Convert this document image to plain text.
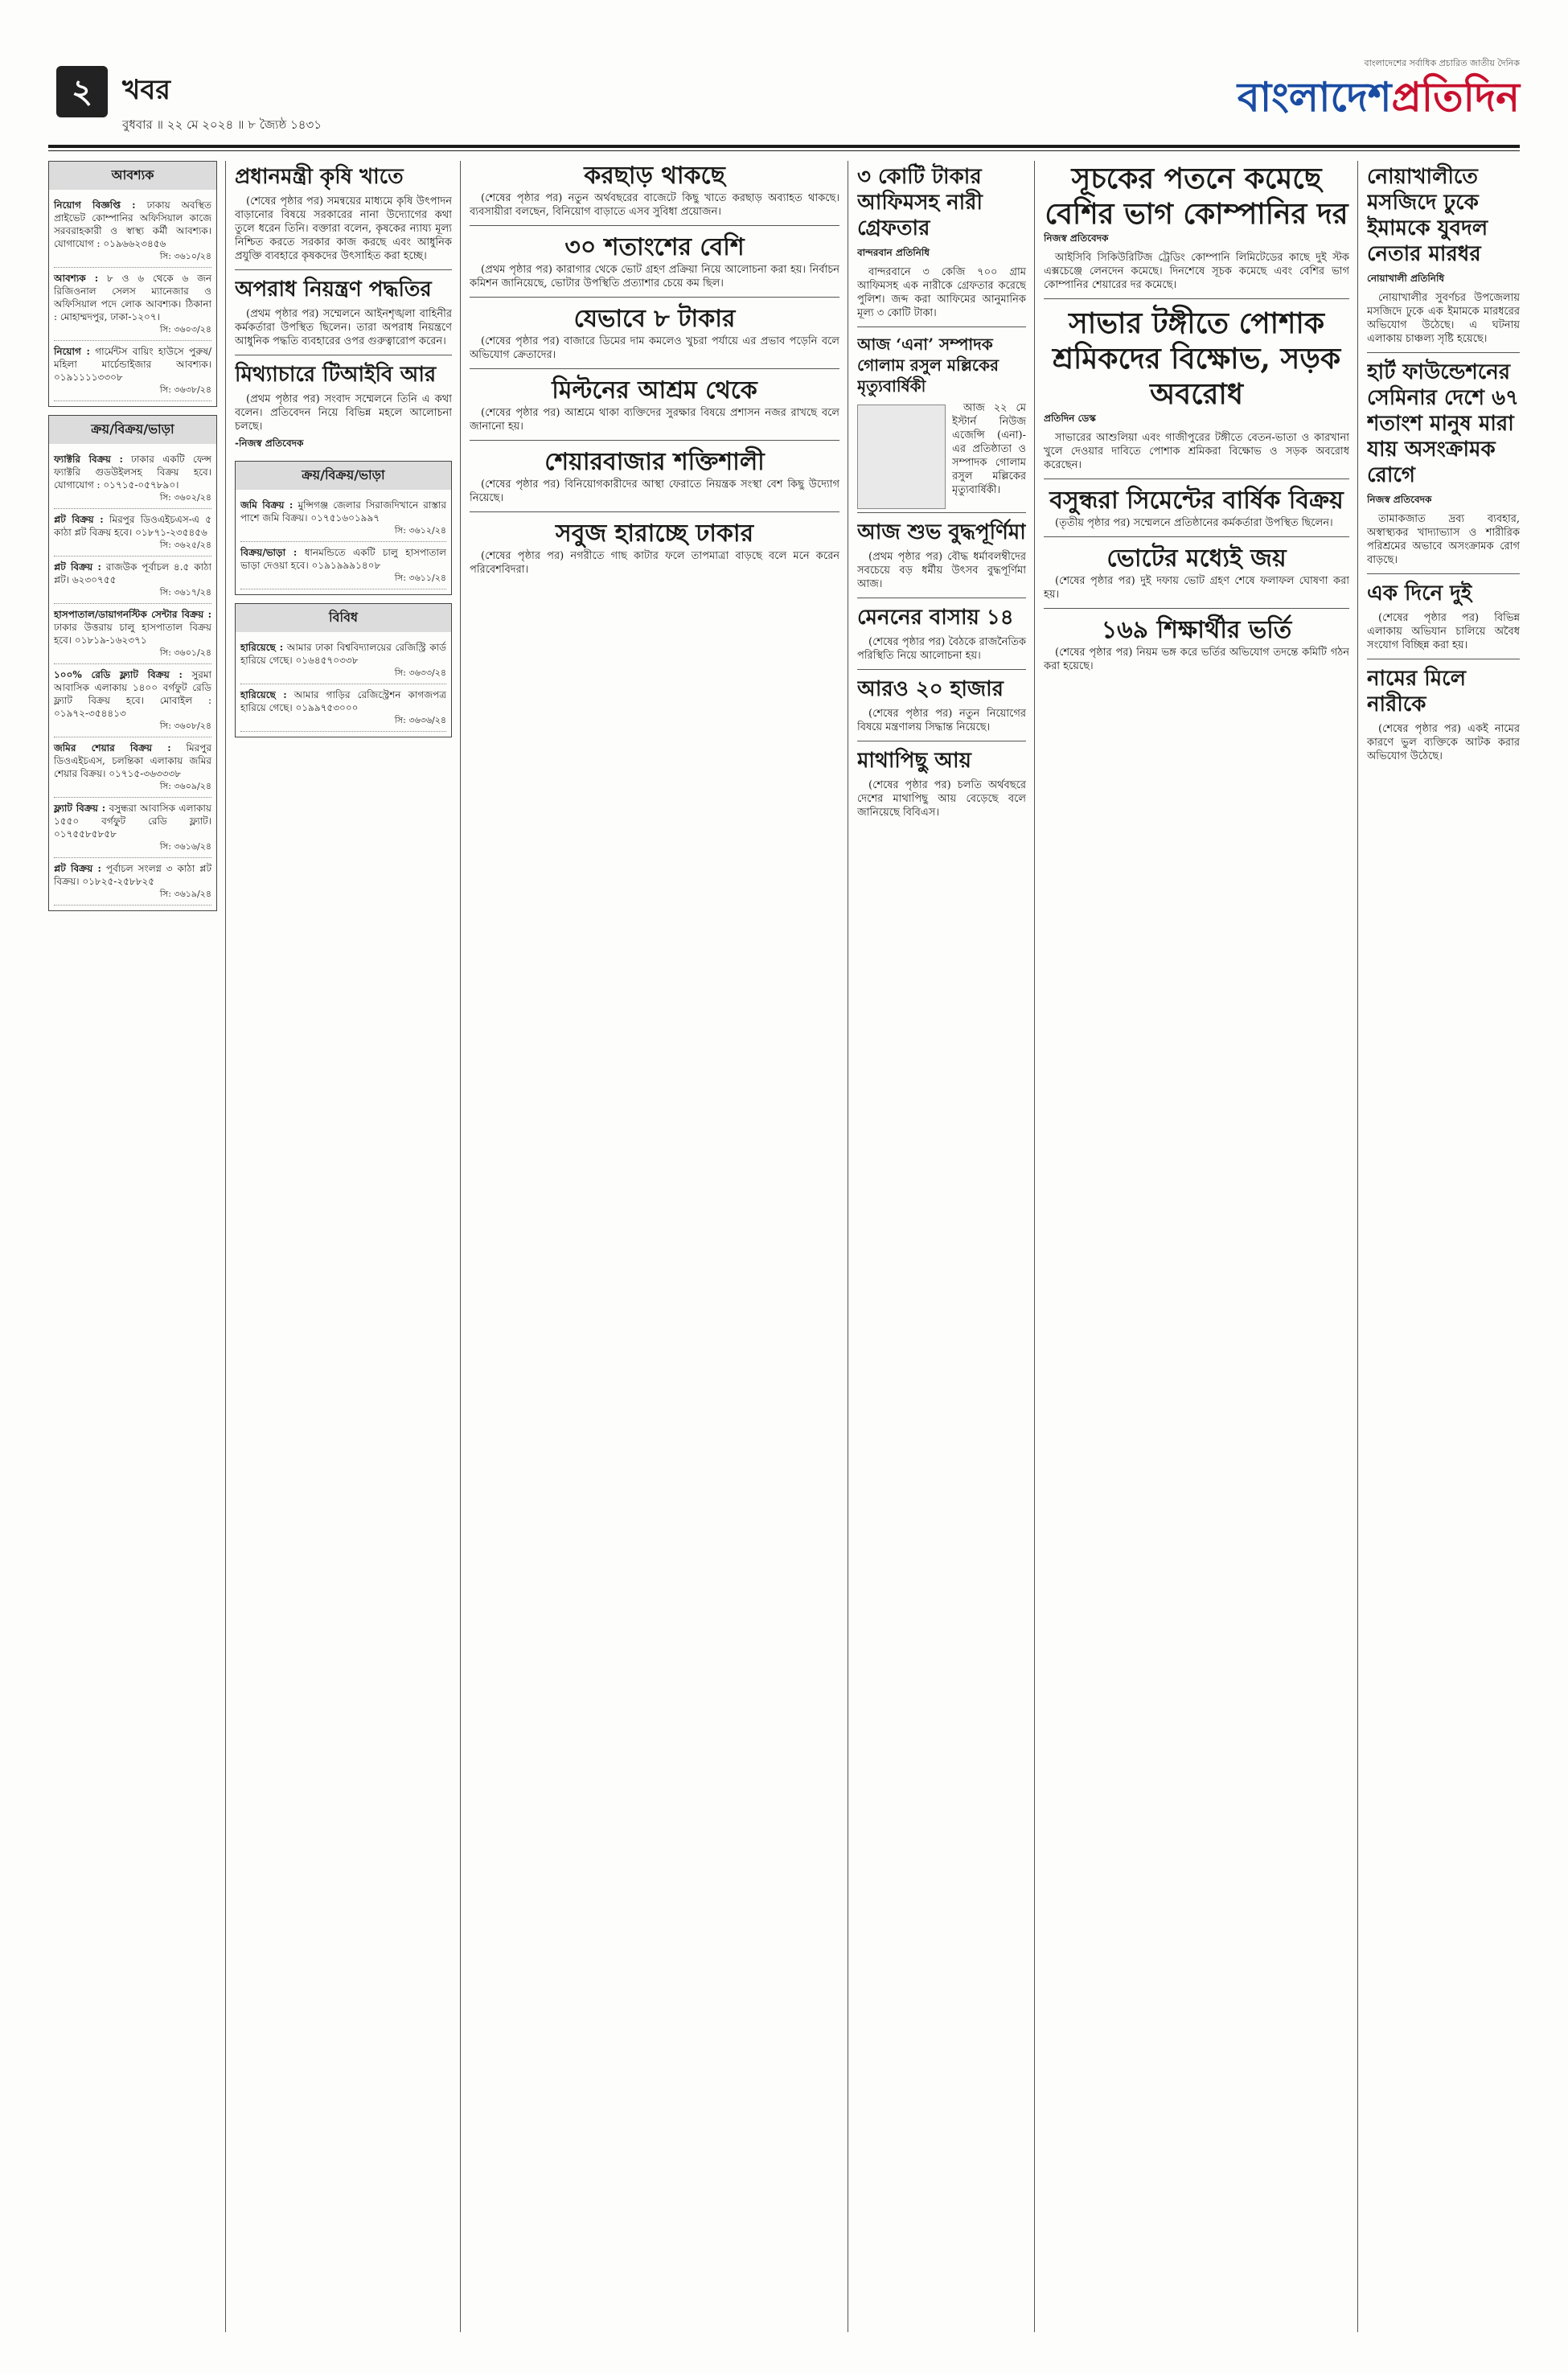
২	খবর
বুধবার ॥ ২২ মে ২০২৪ ॥ ৮ জ্যৈষ্ঠ ১৪৩১
বাংলাদেশের সর্বাধিক প্রচারিত জাতীয় দৈনিক
বাংলাদেশপ্রতিদিন
আবশ্যক
নিয়োগ বিজ্ঞপ্তি : ঢাকায় অবস্থিত প্রাইভেট কোম্পানির অফিসিয়াল কাজে সরবরাহকারী ও স্বাস্থ্য কর্মী আবশ্যক। যোগাযোগ : ০১৯৬৬২৩৪৫৬
সি: ৩৬১০/২৪
আবশ্যক : ৮ ও ৬ থেকে ৬ জন রিজিওনাল সেলস ম্যানেজার ও অফিসিয়াল পদে লোক আবশ্যক। ঠিকানা : মোহাম্মদপুর, ঢাকা-১২০৭।
সি: ৩৬০৩/২৪
নিয়োগ : গার্মেন্টস বায়িং হাউসে পুরুষ/মহিলা মার্চেন্ডাইজার আবশ্যক। ০১৯১১১১৩৩০৮
সি: ৩৬৩৮/২৪
ক্রয়/বিক্রয়/ভাড়া
ফ্যাক্টরি বিক্রয় : ঢাকার একটি ফেন্স ফ্যাক্টরি গুডউইলসহ বিক্রয় হবে। যোগাযোগ : ০১৭১৫-০৫৭৮৯০।
সি: ৩৬০২/২৪
প্লট বিক্রয় : মিরপুর ডিওএইচএস-এ ৫ কাঠা প্লট বিক্রয় হবে। ০১৮৭১-২৩৫৪৫৬
সি: ৩৬২৫/২৪
প্লট বিক্রয় : রাজউক পূর্বাচল ৪.৫ কাঠা প্লট। ৬২৩০৭৫৫
সি: ৩৬১৭/২৪
হাসপাতাল/ডায়াগনস্টিক সেন্টার বিক্রয় : ঢাকার উত্তরায় চালু হাসপাতাল বিক্রয় হবে। ০১৮১৯-১৬২৩৭১
সি: ৩৬০১/২৪
১০০% রেডি ফ্ল্যাট বিক্রয় : সুরমা আবাসিক এলাকায় ১৪০০ বর্গফুট রেডি ফ্ল্যাট বিক্রয় হবে। মোবাইল : ০১৯৭২-৩৫৪৪১৩
সি: ৩৬০৮/২৪
জমির শেয়ার বিক্রয় : মিরপুর ডিওএইচএস, চলন্তিকা এলাকায় জমির শেয়ার বিক্রয়। ০১৭১৫-৩৬৩৩৩৮
সি: ৩৬০৯/২৪
ফ্ল্যাট বিক্রয় : বসুন্ধরা আবাসিক এলাকায় ১৫৫০ বর্গফুট রেডি ফ্ল্যাট। ০১৭৫৫৮৫৮৫৮
সি: ৩৬১৬/২৪
প্লট বিক্রয় : পূর্বাচল সংলগ্ন ৩ কাঠা প্লট বিক্রয়। ০১৮২৫-২৫৮৮২৫
সি: ৩৬১৯/২৪
প্রধানমন্ত্রী কৃষি খাতে

(শেষের পৃষ্ঠার পর) সমন্বয়ের মাধ্যমে কৃষি উৎপাদন বাড়ানোর বিষয়ে সরকারের নানা উদ্যোগের কথা তুলে ধরেন তিনি। বক্তারা বলেন, কৃষকের ন্যায্য মূল্য নিশ্চিত করতে সরকার কাজ করছে এবং আধুনিক প্রযুক্তি ব্যবহারে কৃষকদের উৎসাহিত করা হচ্ছে।

অপরাধ নিয়ন্ত্রণ পদ্ধতির

(প্রথম পৃষ্ঠার পর) সম্মেলনে আইনশৃঙ্খলা বাহিনীর কর্মকর্তারা উপস্থিত ছিলেন। তারা অপরাধ নিয়ন্ত্রণে আধুনিক পদ্ধতি ব্যবহারের ওপর গুরুত্বারোপ করেন।

মিথ্যাচারে টিআইবি আর

(প্রথম পৃষ্ঠার পর) সংবাদ সম্মেলনে তিনি এ কথা বলেন। প্রতিবেদন নিয়ে বিভিন্ন মহলে আলোচনা চলছে।

-নিজস্ব প্রতিবেদক
ক্রয়/বিক্রয়/ভাড়া
জমি বিক্রয় : মুন্সিগঞ্জ জেলার সিরাজদিখানে রাস্তার পাশে জমি বিক্রয়। ০১৭৫১৬০১৯৯৭
সি: ৩৬১২/২৪
বিক্রয়/ভাড়া : ধানমন্ডিতে একটি চালু হাসপাতাল ভাড়া দেওয়া হবে। ০১৯১৯৯৯১৪০৮
সি: ৩৬১১/২৪
বিবিধ
হারিয়েছে : আমার ঢাকা বিশ্ববিদ্যালয়ের রেজিস্ট্রি কার্ড হারিয়ে গেছে। ০১৬৪৫৭০৩৩৮
সি: ৩৬৩৩/২৪
হারিয়েছে : আমার গাড়ির রেজিস্ট্রেশন কাগজপত্র হারিয়ে গেছে। ০১৯৯৭৫৩০০০
সি: ৩৬৩৬/২৪
করছাড় থাকছে

(শেষের পৃষ্ঠার পর) নতুন অর্থবছরের বাজেটে কিছু খাতে করছাড় অব্যাহত থাকছে। ব্যবসায়ীরা বলছেন, বিনিয়োগ বাড়াতে এসব সুবিধা প্রয়োজন।

৩০ শতাংশের বেশি

(প্রথম পৃষ্ঠার পর) কারাগার থেকে ভোট গ্রহণ প্রক্রিয়া নিয়ে আলোচনা করা হয়। নির্বাচন কমিশন জানিয়েছে, ভোটার উপস্থিতি প্রত্যাশার চেয়ে কম ছিল।

যেভাবে ৮ টাকার

(শেষের পৃষ্ঠার পর) বাজারে ডিমের দাম কমলেও খুচরা পর্যায়ে এর প্রভাব পড়েনি বলে অভিযোগ ক্রেতাদের।

মিল্টনের আশ্রম থেকে

(শেষের পৃষ্ঠার পর) আশ্রমে থাকা ব্যক্তিদের সুরক্ষার বিষয়ে প্রশাসন নজর রাখছে বলে জানানো হয়।

শেয়ারবাজার শক্তিশালী

(শেষের পৃষ্ঠার পর) বিনিয়োগকারীদের আস্থা ফেরাতে নিয়ন্ত্রক সংস্থা বেশ কিছু উদ্যোগ নিয়েছে।

সবুজ হারাচ্ছে ঢাকার

(শেষের পৃষ্ঠার পর) নগরীতে গাছ কাটার ফলে তাপমাত্রা বাড়ছে বলে মনে করেন পরিবেশবিদরা।

৩ কোটি টাকার আফিমসহ নারী গ্রেফতার
বান্দরবান প্রতিনিধি

বান্দরবানে ৩ কেজি ৭০০ গ্রাম আফিমসহ এক নারীকে গ্রেফতার করেছে পুলিশ। জব্দ করা আফিমের আনুমানিক মূল্য ৩ কোটি টাকা।

আজ ‘এনা’ সম্পাদক গোলাম রসুল মল্লিকের মৃত্যুবার্ষিকী

আজ ২২ মে ইস্টার্ন নিউজ এজেন্সি (এনা)-এর প্রতিষ্ঠাতা ও সম্পাদক গোলাম রসুল মল্লিকের মৃত্যুবার্ষিকী।

আজ শুভ বুদ্ধপূর্ণিমা

(প্রথম পৃষ্ঠার পর) বৌদ্ধ ধর্মাবলম্বীদের সবচেয়ে বড় ধর্মীয় উৎসব বুদ্ধপূর্ণিমা আজ।

মেননের বাসায় ১৪

(শেষের পৃষ্ঠার পর) বৈঠকে রাজনৈতিক পরিস্থিতি নিয়ে আলোচনা হয়।

আরও ২০ হাজার

(শেষের পৃষ্ঠার পর) নতুন নিয়োগের বিষয়ে মন্ত্রণালয় সিদ্ধান্ত নিয়েছে।

মাথাপিছু আয়

(শেষের পৃষ্ঠার পর) চলতি অর্থবছরে দেশের মাথাপিছু আয় বেড়েছে বলে জানিয়েছে বিবিএস।

সূচকের পতনে কমেছে বেশির ভাগ কোম্পানির দর
নিজস্ব প্রতিবেদক

আইসিবি সিকিউরিটিজ ট্রেডিং কোম্পানি লিমিটেডের কাছে দুই স্টক এক্সচেঞ্জে লেনদেন কমেছে। দিনশেষে সূচক কমেছে এবং বেশির ভাগ কোম্পানির শেয়ারের দর কমেছে।

সাভার টঙ্গীতে পোশাক শ্রমিকদের বিক্ষোভ, সড়ক অবরোধ
প্রতিদিন ডেস্ক

সাভারের আশুলিয়া এবং গাজীপুরের টঙ্গীতে বেতন-ভাতা ও কারখানা খুলে দেওয়ার দাবিতে পোশাক শ্রমিকরা বিক্ষোভ ও সড়ক অবরোধ করেছেন।

বসুন্ধরা সিমেন্টের বার্ষিক বিক্রয়

(তৃতীয় পৃষ্ঠার পর) সম্মেলনে প্রতিষ্ঠানের কর্মকর্তারা উপস্থিত ছিলেন।

ভোটের মধ্যেই জয়

(শেষের পৃষ্ঠার পর) দুই দফায় ভোট গ্রহণ শেষে ফলাফল ঘোষণা করা হয়।

১৬৯ শিক্ষার্থীর ভর্তি

(শেষের পৃষ্ঠার পর) নিয়ম ভঙ্গ করে ভর্তির অভিযোগ তদন্তে কমিটি গঠন করা হয়েছে।

নোয়াখালীতে মসজিদে ঢুকে ইমামকে যুবদল নেতার মারধর
নোয়াখালী প্রতিনিধি

নোয়াখালীর সুবর্ণচর উপজেলায় মসজিদে ঢুকে এক ইমামকে মারধরের অভিযোগ উঠেছে। এ ঘটনায় এলাকায় চাঞ্চল্য সৃষ্টি হয়েছে।

হার্ট ফাউন্ডেশনের সেমিনার দেশে ৬৭ শতাংশ মানুষ মারা যায় অসংক্রামক রোগে
নিজস্ব প্রতিবেদক

তামাকজাত দ্রব্য ব্যবহার, অস্বাস্থ্যকর খাদ্যাভ্যাস ও শারীরিক পরিশ্রমের অভাবে অসংক্রামক রোগ বাড়ছে।

এক দিনে দুই

(শেষের পৃষ্ঠার পর) বিভিন্ন এলাকায় অভিযান চালিয়ে অবৈধ সংযোগ বিচ্ছিন্ন করা হয়।

নামের মিলে নারীকে

(শেষের পৃষ্ঠার পর) একই নামের কারণে ভুল ব্যক্তিকে আটক করার অভিযোগ উঠেছে।
